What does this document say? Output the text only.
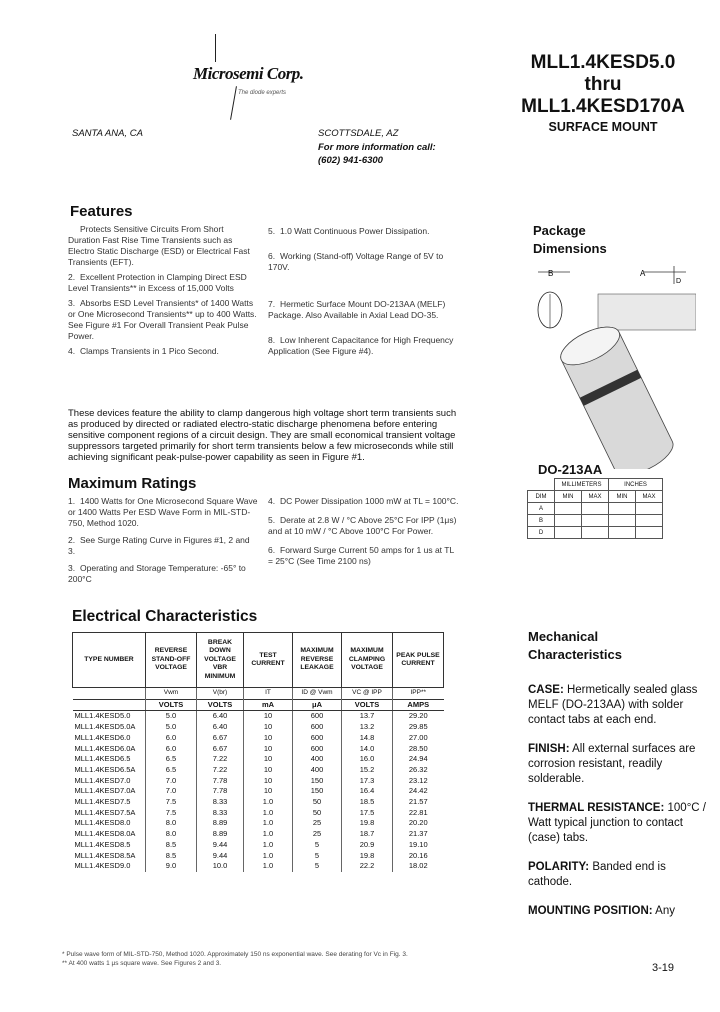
Microsemi Corp.
The diode experts
SANTA ANA, CA	SCOTTSDALE, AZ
For more information call:
(602) 941-6300
MLL1.4KESD5.0
thru
MLL1.4KESD170A
SURFACE MOUNT
Features
Protects Sensitive Circuits From Short Duration Fast Rise Time Transients such as Electro Static Discharge (ESD) or Electrical Fast Transients (EFT).
2. Excellent Protection in Clamping Direct ESD Level Transients** in Excess of 15,000 Volts
3. Absorbs ESD Level Transients* of 1400 Watts or One Microsecond Transients** up to 400 Watts. See Figure #1 For Overall Transient Peak Pulse Power.
4. Clamps Transients in 1 Pico Second.
5. 1.0 Watt Continuous Power Dissipation.
6. Working (Stand-off) Voltage Range of 5V to 170V.
7. Hermetic Surface Mount DO-213AA (MELF) Package. Also Available in Axial Lead DO-35.
8. Low Inherent Capacitance for High Frequency Application (See Figure #4).
These devices feature the ability to clamp dangerous high voltage short term transients such as produced by directed or radiated electro-static discharge phenomena before entering sensitive component regions of a circuit design. They are small economical transient voltage suppressors targeted primarily for short term transients below a few microseconds while still achieving significant peak-pulse-power capability as seen in Figure #1.
Maximum Ratings
1. 1400 Watts for One Microsecond Square Wave or 1400 Watts Per ESD Wave Form in MIL-STD-750, Method 1020.
2. See Surge Rating Curve in Figures #1, 2 and 3.
3. Operating and Storage Temperature: -65° to 200°C
4. DC Power Dissipation 1000 mW at TL = 100°C.
5. Derate at 2.8 W / °C Above 25°C For IPP (1μs) and at 10 mW / °C Above 100°C For Power.
6. Forward Surge Current 50 amps for 1 us at TL = 25°C (See Time 2100 ns)
Electrical Characteristics
TYPE NUMBER	REVERSE STAND-OFF VOLTAGE	BREAK DOWN VOLTAGE VBR MINIMUM	TEST CURRENT	MAXIMUM REVERSE LEAKAGE	MAXIMUM CLAMPING VOLTAGE	PEAK PULSE CURRENT
	Vwm	V(br)	IT	ID @ Vwm	VC @ IPP	IPP**
	VOLTS	VOLTS	mA	μA	VOLTS	AMPS
MLL1.4KESD5.0	5.0	6.40	10	600	13.7	29.20
MLL1.4KESD5.0A	5.0	6.40	10	600	13.2	29.85
MLL1.4KESD6.0	6.0	6.67	10	600	14.8	27.00
MLL1.4KESD6.0A	6.0	6.67	10	600	14.0	28.50
MLL1.4KESD6.5	6.5	7.22	10	400	16.0	24.94
MLL1.4KESD6.5A	6.5	7.22	10	400	15.2	26.32
MLL1.4KESD7.0	7.0	7.78	10	150	17.3	23.12
MLL1.4KESD7.0A	7.0	7.78	10	150	16.4	24.42
MLL1.4KESD7.5	7.5	8.33	1.0	50	18.5	21.57
MLL1.4KESD7.5A	7.5	8.33	1.0	50	17.5	22.81
MLL1.4KESD8.0	8.0	8.89	1.0	25	19.8	20.20
MLL1.4KESD8.0A	8.0	8.89	1.0	25	18.7	21.37
MLL1.4KESD8.5	8.5	9.44	1.0	5	20.9	19.10
MLL1.4KESD8.5A	8.5	9.44	1.0	5	19.8	20.16
MLL1.4KESD9.0	9.0	10.0	1.0	5	22.2	18.02
* Pulse wave form of MIL-STD-750, Method 1020. Approximately 150 ns exponential wave. See derating for Vc in Fig. 3.
** At 400 watts 1 μs square wave. See Figures 2 and 3.
Package
Dimensions
B	A
D
DO-213AA
	MILLIMETERS		INCHES	
DIM	MIN	MAX	MIN	MAX
A				
B				
D				
Mechanical
Characteristics
CASE: Hermetically sealed glass MELF (DO-213AA) with solder contact tabs at each end.
FINISH: All external surfaces are corrosion resistant, readily solderable.
THERMAL RESISTANCE: 100°C / Watt typical junction to contact (case) tabs.
POLARITY: Banded end is cathode.
MOUNTING POSITION: Any
3-19
